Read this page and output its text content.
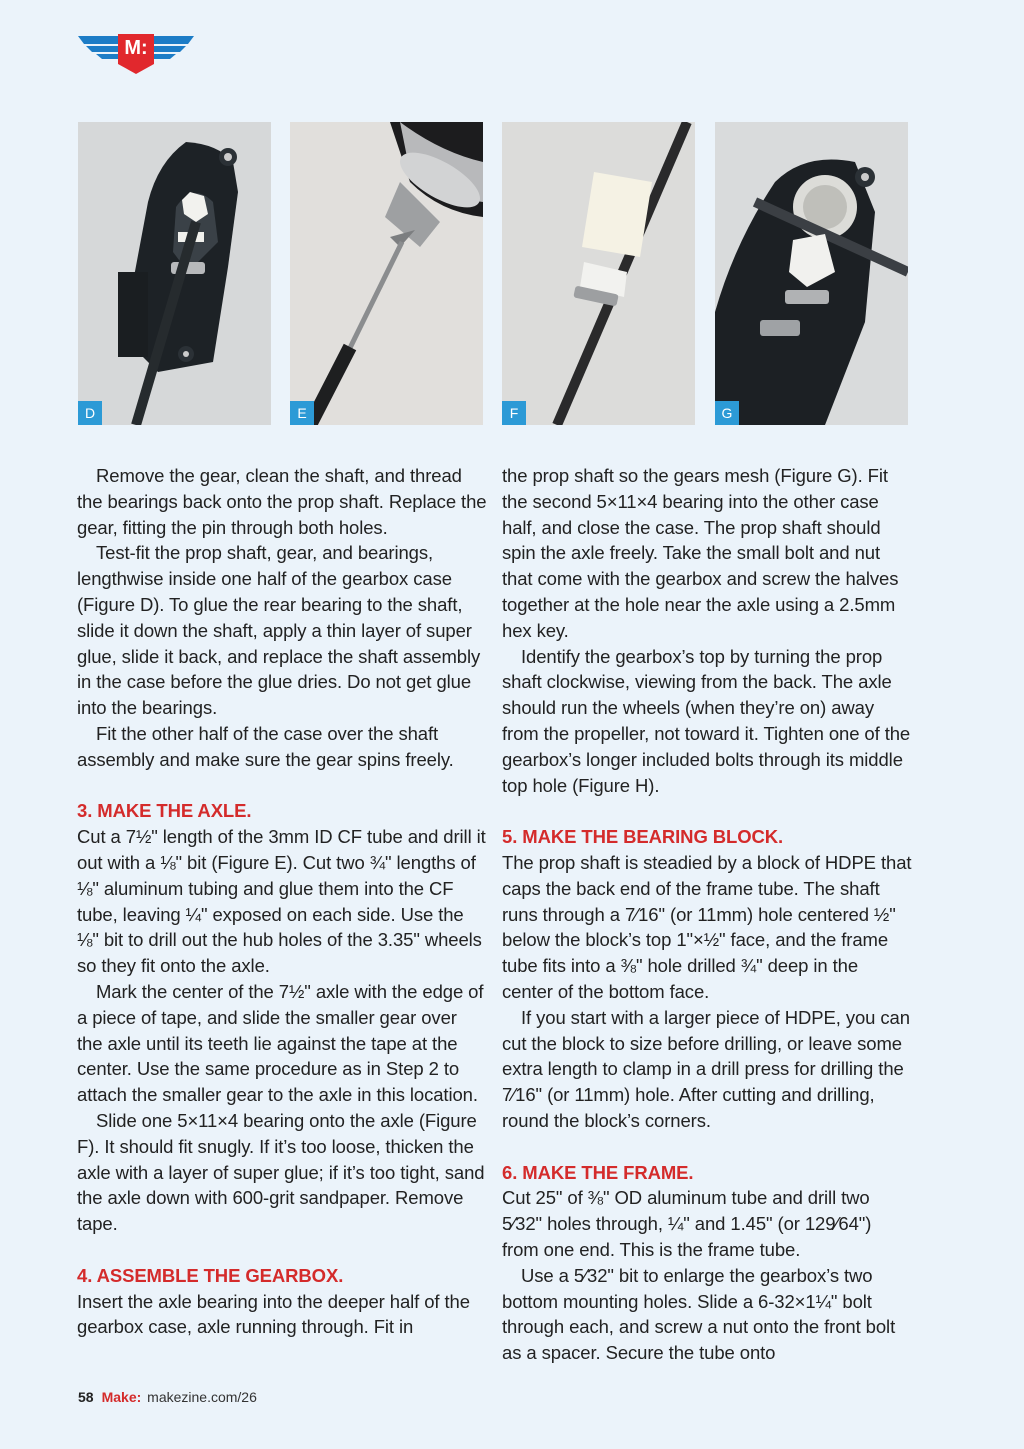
M:
D	E	F	G

Remove the gear, clean the shaft, and thread the bearings back onto the prop shaft. Replace the gear, fitting the pin through both holes.

Test-fit the prop shaft, gear, and bearings, lengthwise inside one half of the gearbox case (Figure D). To glue the rear bearing to the shaft, slide it down the shaft, apply a thin layer of super glue, slide it back, and replace the shaft assembly in the case before the glue dries. Do not get glue into the bearings.

Fit the other half of the case over the shaft assembly and make sure the gear spins freely.

3. MAKE THE AXLE.

Cut a 7½" length of the 3mm ID CF tube and drill it out with a ⅛" bit (Figure E). Cut two ¾" lengths of ⅛" aluminum tubing and glue them into the CF tube, leaving ¼" exposed on each side. Use the ⅛" bit to drill out the hub holes of the 3.35" wheels so they fit onto the axle.

Mark the center of the 7½" axle with the edge of a piece of tape, and slide the smaller gear over the axle until its teeth lie against the tape at the center. Use the same procedure as in Step 2 to attach the smaller gear to the axle in this location.

Slide one 5×11×4 bearing onto the axle (Figure F). It should fit snugly. If it’s too loose, thicken the axle with a layer of super glue; if it’s too tight, sand the axle down with 600-grit sandpaper. Remove tape.

4. ASSEMBLE THE GEARBOX.

Insert the axle bearing into the deeper half of the gearbox case, axle running through. Fit in

the prop shaft so the gears mesh (Figure G). Fit the second 5×11×4 bearing into the other case half, and close the case. The prop shaft should spin the axle freely. Take the small bolt and nut that come with the gearbox and screw the halves together at the hole near the axle using a 2.5mm hex key.

Identify the gearbox’s top by turning the prop shaft clockwise, viewing from the back. The axle should run the wheels (when they’re on) away from the propeller, not toward it. Tighten one of the gearbox’s longer included bolts through its middle top hole (Figure H).

5. MAKE THE BEARING BLOCK.

The prop shaft is steadied by a block of HDPE that caps the back end of the frame tube. The shaft runs through a 7⁄16" (or 11mm) hole centered ½" below the block’s top 1"×½" face, and the frame tube fits into a ⅜" hole drilled ¾" deep in the center of the bottom face.

If you start with a larger piece of HDPE, you can cut the block to size before drilling, or leave some extra length to clamp in a drill press for drilling the 7⁄16" (or 11mm) hole. After cutting and drilling, round the block’s corners.

6. MAKE THE FRAME.

Cut 25" of ⅜" OD aluminum tube and drill two 5⁄32" holes through, ¼" and 1.45" (or 129⁄64") from one end. This is the frame tube.

Use a 5⁄32" bit to enlarge the gearbox’s two bottom mounting holes. Slide a 6-32×1¼" bolt through each, and screw a nut onto the front bolt as a spacer. Secure the tube onto

58 Make: makezine.com/26
